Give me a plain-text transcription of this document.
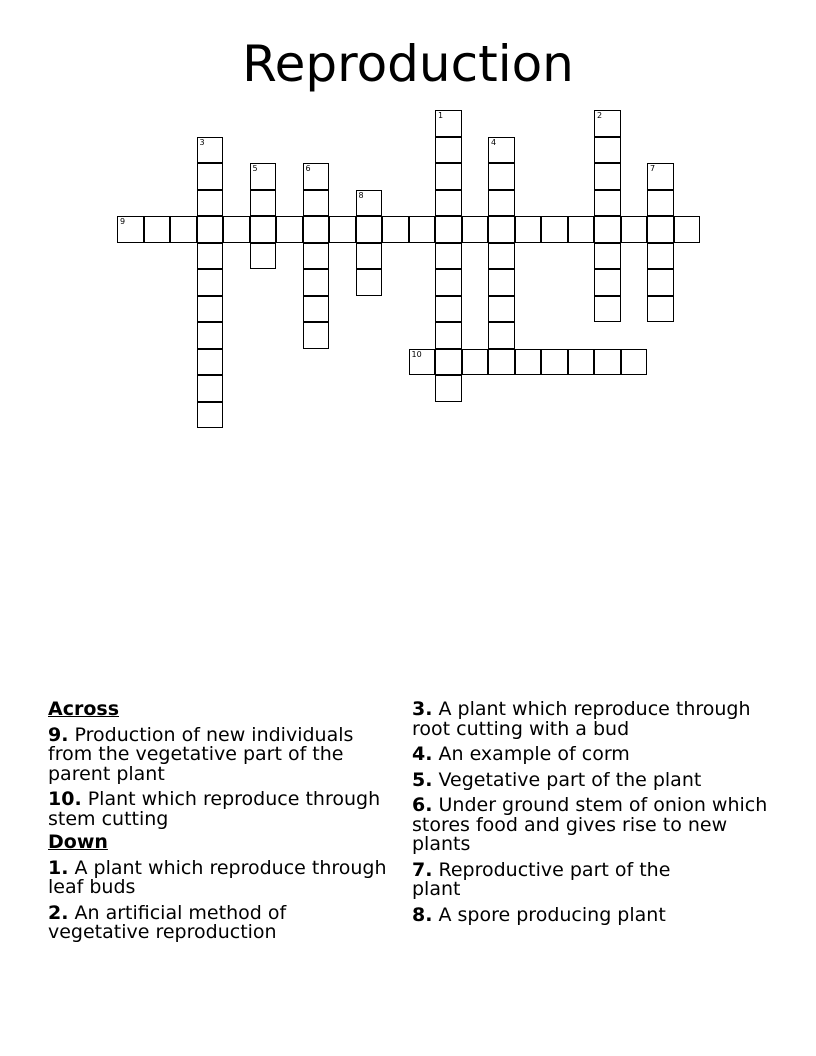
Reproduction
1	2
3	4
5	6	7
8
9
10
Across
9. Production of new individuals from the vegetative part of the parent plant
10. Plant which reproduce through stem cutting
Down
1. A plant which reproduce through leaf buds
2. An artificial method of vegetative reproduction
3. A plant which reproduce through root cutting with a bud
4. An example of corm
5. Vegetative part of the plant
6. Under ground stem of onion which stores food and gives rise to new plants
7. Reproductive part of the plant
8. A spore producing plant
